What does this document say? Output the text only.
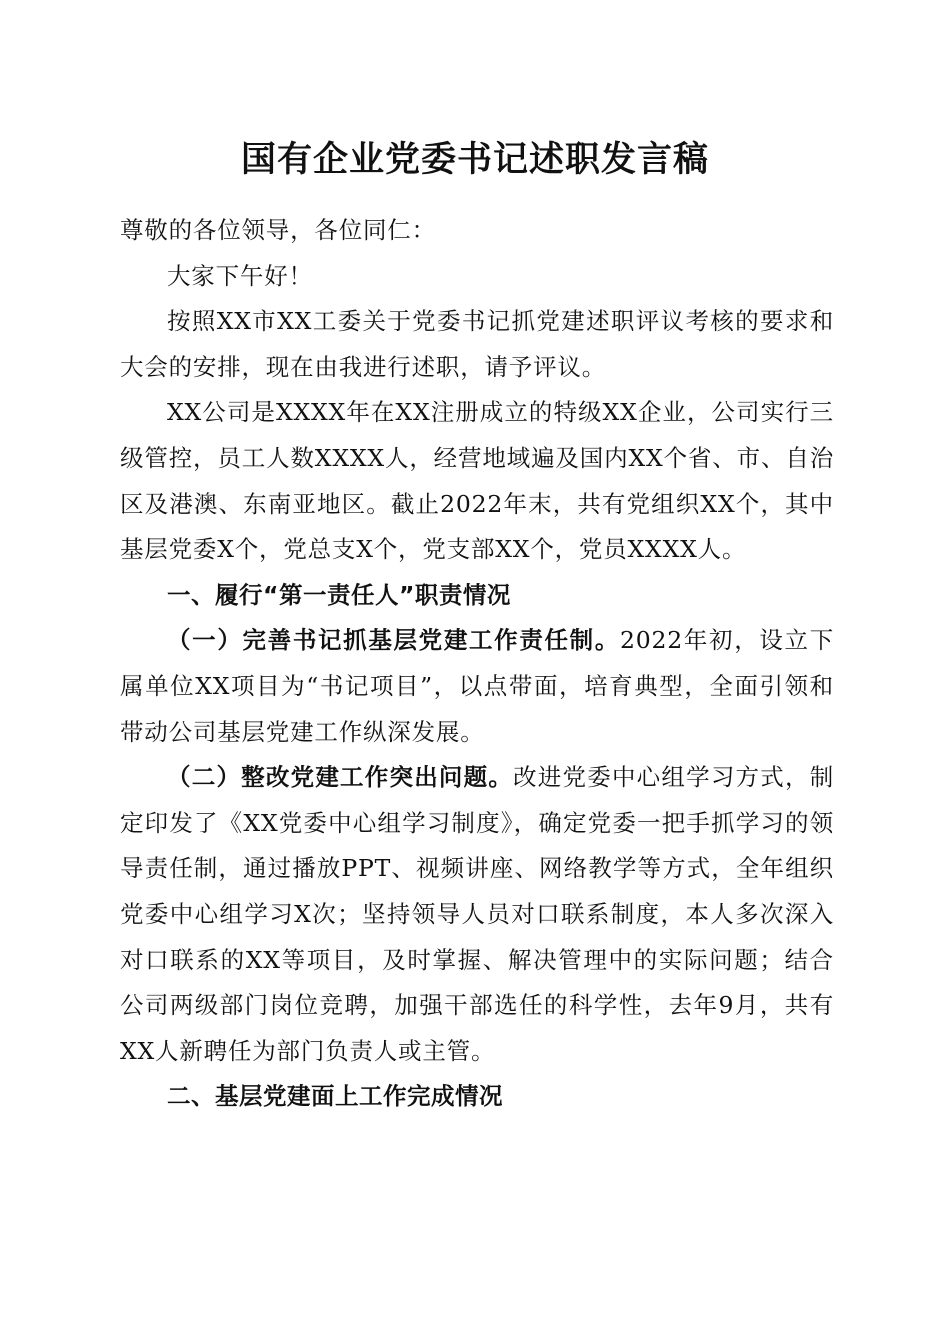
国有企业党委书记述职发言稿

尊敬的各位领导，各位同仁：

大家下午好！

按照XX市XX工委关于党委书记抓党建述职评议考核的要求和大会的安排，现在由我进行述职，请予评议。

XX公司是XXXX年在XX注册成立的特级XX企业，公司实行三级管控，员工人数XXXX人，经营地域遍及国内XX个省、市、自治区及港澳、东南亚地区。截止2022年末，共有党组织XX个，其中基层党委X个，党总支X个，党支部XX个，党员XXXX人。

一、履行“第一责任人”职责情况

（一）完善书记抓基层党建工作责任制。2022年初，设立下属单位XX项目为“书记项目”，以点带面，培育典型，全面引领和带动公司基层党建工作纵深发展。

（二）整改党建工作突出问题。改进党委中心组学习方式，制定印发了《XX党委中心组学习制度》，确定党委一把手抓学习的领导责任制，通过播放PPT、视频讲座、网络教学等方式，全年组织党委中心组学习X次；坚持领导人员对口联系制度，本人多次深入对口联系的XX等项目，及时掌握、解决管理中的实际问题；结合公司两级部门岗位竞聘，加强干部选任的科学性，去年9月，共有XX人新聘任为部门负责人或主管。

二、基层党建面上工作完成情况
